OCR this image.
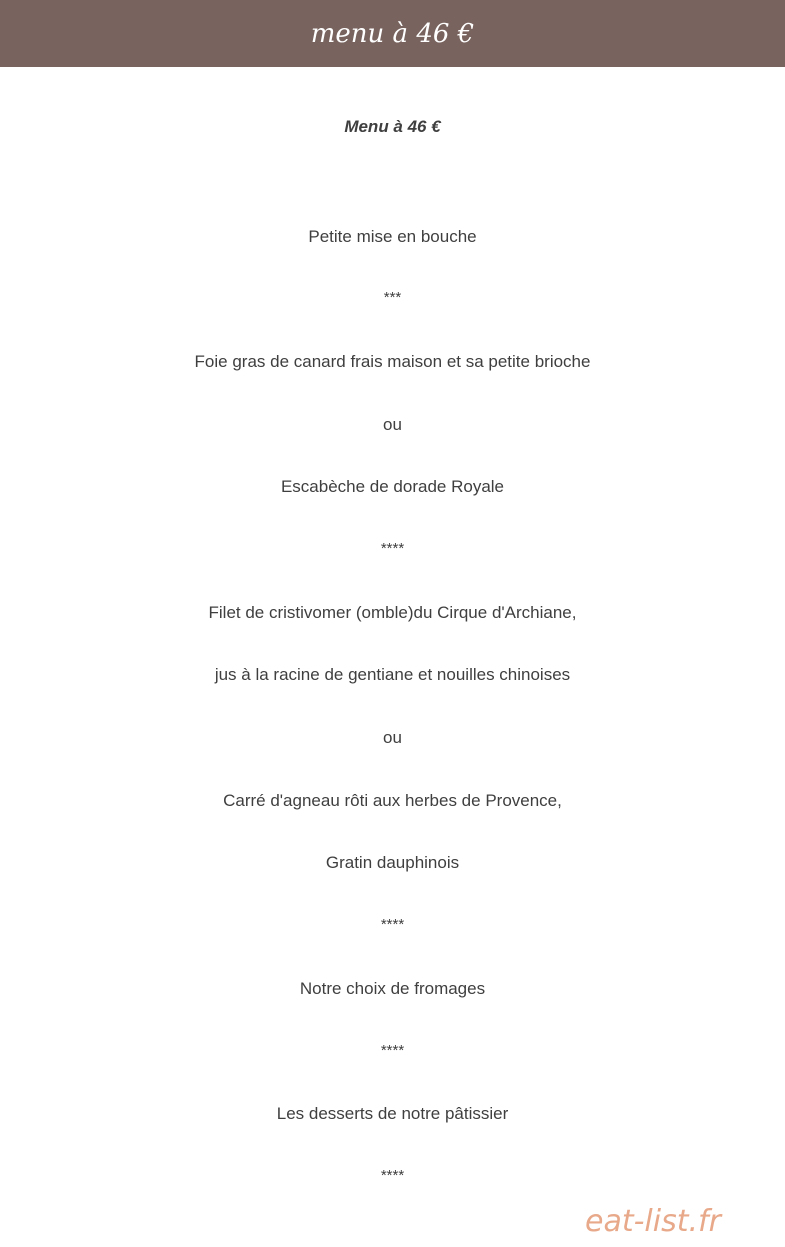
menu à 46 €
Menu à 46 €
Petite mise en bouche
***
Foie gras de canard frais maison et sa petite brioche
ou
Escabèche de dorade Royale
****
Filet de cristivomer (omble)du Cirque d'Archiane,
jus à la racine de gentiane et nouilles chinoises
ou
Carré d'agneau rôti aux herbes de Provence,
Gratin dauphinois
****
Notre choix de fromages
****
Les desserts de notre pâtissier
****
eat-list.fr
